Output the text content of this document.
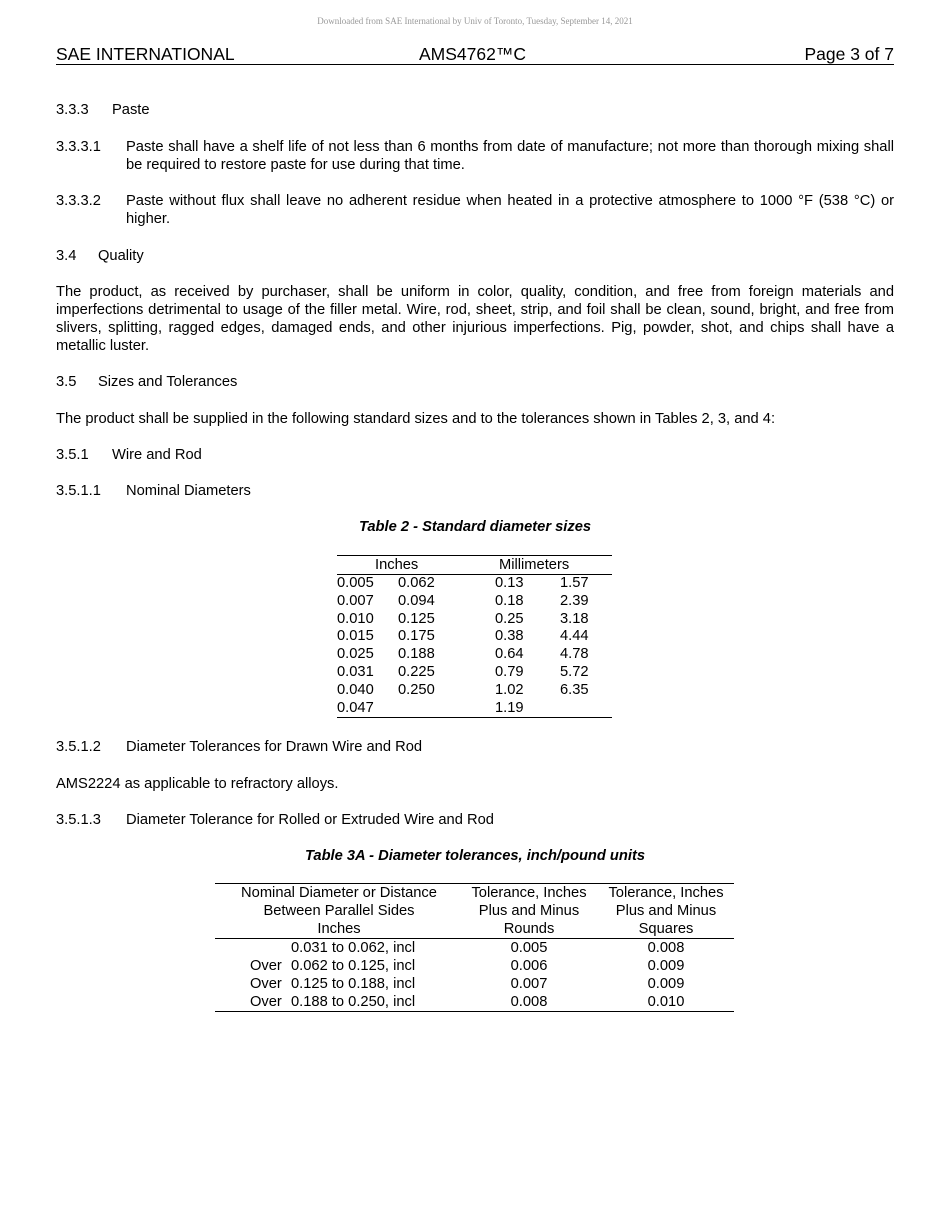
Downloaded from SAE International by Univ of Toronto, Tuesday, September 14, 2021
SAE INTERNATIONAL	AMS4762™C	Page 3 of 7
3.3.3 Paste
3.3.3.1 Paste shall have a shelf life of not less than 6 months from date of manufacture; not more than thorough mixing shall be required to restore paste for use during that time.
3.3.3.2 Paste without flux shall leave no adherent residue when heated in a protective atmosphere to 1000 °F (538 °C) or higher.
3.4 Quality
The product, as received by purchaser, shall be uniform in color, quality, condition, and free from foreign materials and imperfections detrimental to usage of the filler metal. Wire, rod, sheet, strip, and foil shall be clean, sound, bright, and free from slivers, splitting, ragged edges, damaged ends, and other injurious imperfections. Pig, powder, shot, and chips shall have a metallic luster.
3.5 Sizes and Tolerances
The product shall be supplied in the following standard sizes and to the tolerances shown in Tables 2, 3, and 4:
3.5.1 Wire and Rod
3.5.1.1 Nominal Diameters
Table 2 - Standard diameter sizes
Inches	Millimeters
0.005 0.062	0.13 1.57
0.007 0.094	0.18 2.39
0.010 0.125	0.25 3.18
0.015 0.175	0.38 4.44
0.025 0.188	0.64 4.78
0.031 0.225	0.79 5.72
0.040 0.250	1.02 6.35
0.047	1.19
3.5.1.2 Diameter Tolerances for Drawn Wire and Rod
AMS2224 as applicable to refractory alloys.
3.5.1.3 Diameter Tolerance for Rolled or Extruded Wire and Rod
Table 3A - Diameter tolerances, inch/pound units
Nominal Diameter or Distance	Tolerance, Inches	Tolerance, Inches
Between Parallel Sides	Plus and Minus	Plus and Minus
Inches	Rounds	Squares
0.031 to 0.062, incl	0.005	0.008
Over 0.062 to 0.125, incl	0.006	0.009
Over 0.125 to 0.188, incl	0.007	0.009
Over 0.188 to 0.250, incl	0.008	0.010
